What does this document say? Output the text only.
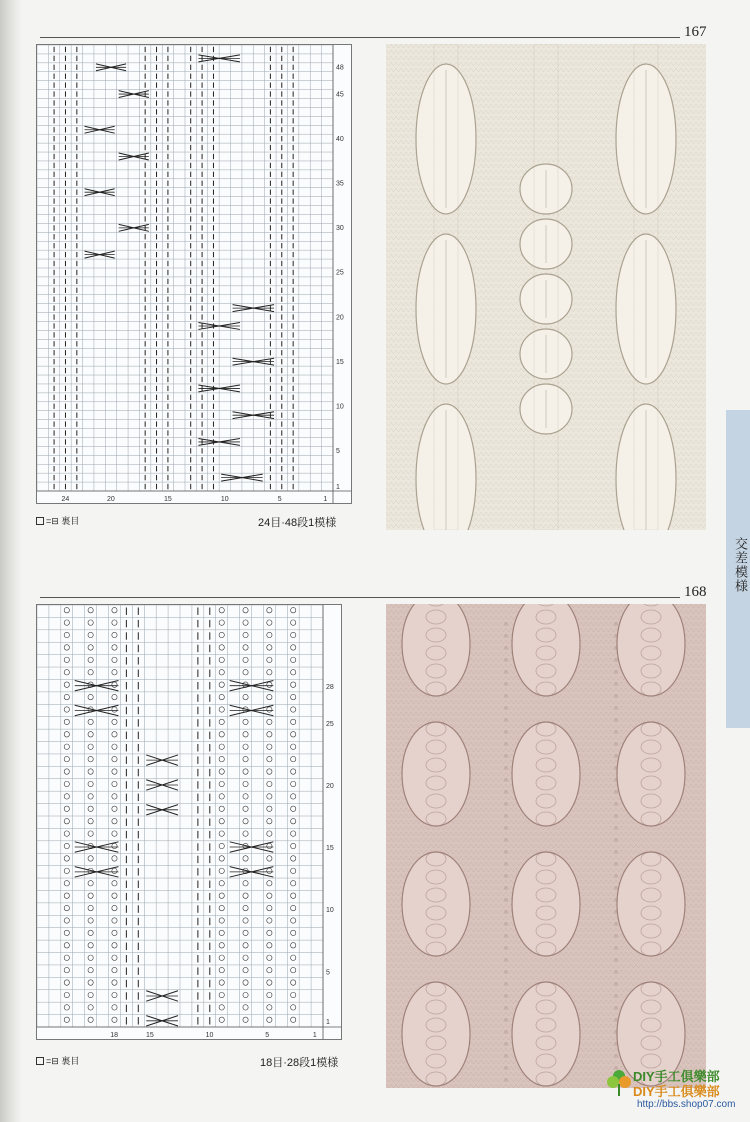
167
48
45
40
35
30
25
20
15
10
5
1
24	20	15	10	5	1
=⊟ 裏目	24目·48段1模様
交差模様
168
28
25
20
15
10
5
1
18	15	10	5	1
=⊟ 裏目	18目·28段1模様
DIY手工俱樂部
DIY手工俱樂部
http://bbs.shop07.com
